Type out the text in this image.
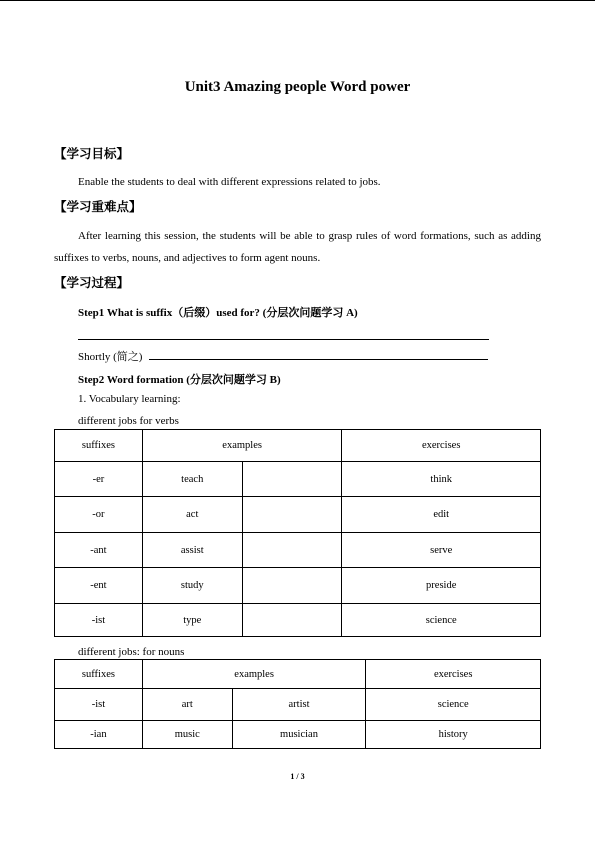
Unit3 Amazing people Word power
【学习目标】
Enable the students to deal with different expressions related to jobs.
【学习重难点】
After learning this session, the students will be able to grasp rules of word formations, such as adding suffixes to verbs, nouns, and adjectives to form agent nouns.
【学习过程】
Step1 What is suffix（后缀）used for? (分层次问题学习 A)
Shortly (简之)
Step2 Word formation (分层次问题学习 B)
1. Vocabulary learning:
different jobs for verbs
suffixes	examples		exercises
-er	teach		think
-or	act		edit
-ant	assist		serve
-ent	study		preside
-ist	type		science
different jobs: for nouns
suffixes	examples		exercises
-ist	art	artist	science
-ian	music	musician	history
1 / 3
